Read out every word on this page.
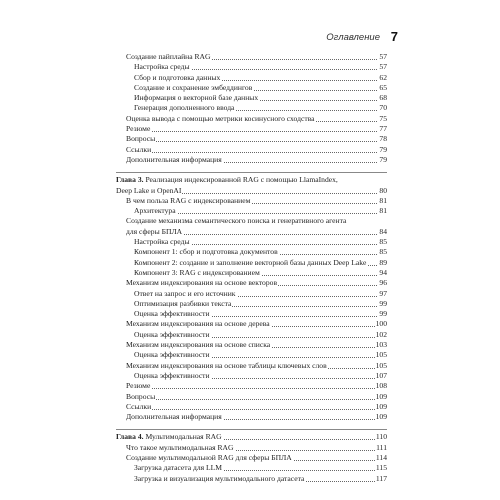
Оглавление 7
Создание пайплайна RAG	57
Настройка среды	57
Сбор и подготовка данных	62
Создание и сохранение эмбеддингов	65
Информация о векторной базе данных	68
Генерация дополненного ввода	70
Оценка вывода с помощью метрики косинусного сходства	75
Резюме	77
Вопросы	78
Ссылки	79
Дополнительная информация	79
Глава 3. Реализация индексированной RAG с помощью LlamaIndex,
Deep Lake и OpenAI	80
В чем польза RAG с индексированием	81
Архитектура	81
Создание механизма семантического поиска и генеративного агента
для сферы БПЛА	84
Настройка среды	85
Компонент 1: сбор и подготовка документов	85
Компонент 2: создание и заполнение векторной базы данных Deep Lake 89
Компонент 3: RAG с индексированием	94
Механизм индексирования на основе векторов	96
Ответ на запрос и его источник	97
Оптимизация разбивки текста	99
Оценка эффективности	99
Механизм индексирования на основе дерева	100
Оценка эффективности	102
Механизм индексирования на основе списка	103
Оценка эффективности	105
Механизм индексирования на основе таблицы ключевых слов	105
Оценка эффективности	107
Резюме	108
Вопросы	109
Ссылки	109
Дополнительная информация	109
Глава 4. Мультимодальная RAG	110
Что такое мультимодальная RAG	111
Создание мультимодальной RAG для сферы БПЛА	114
Загрузка датасета для LLM	115
Загрузка и визуализация мультимодального датасета	117
